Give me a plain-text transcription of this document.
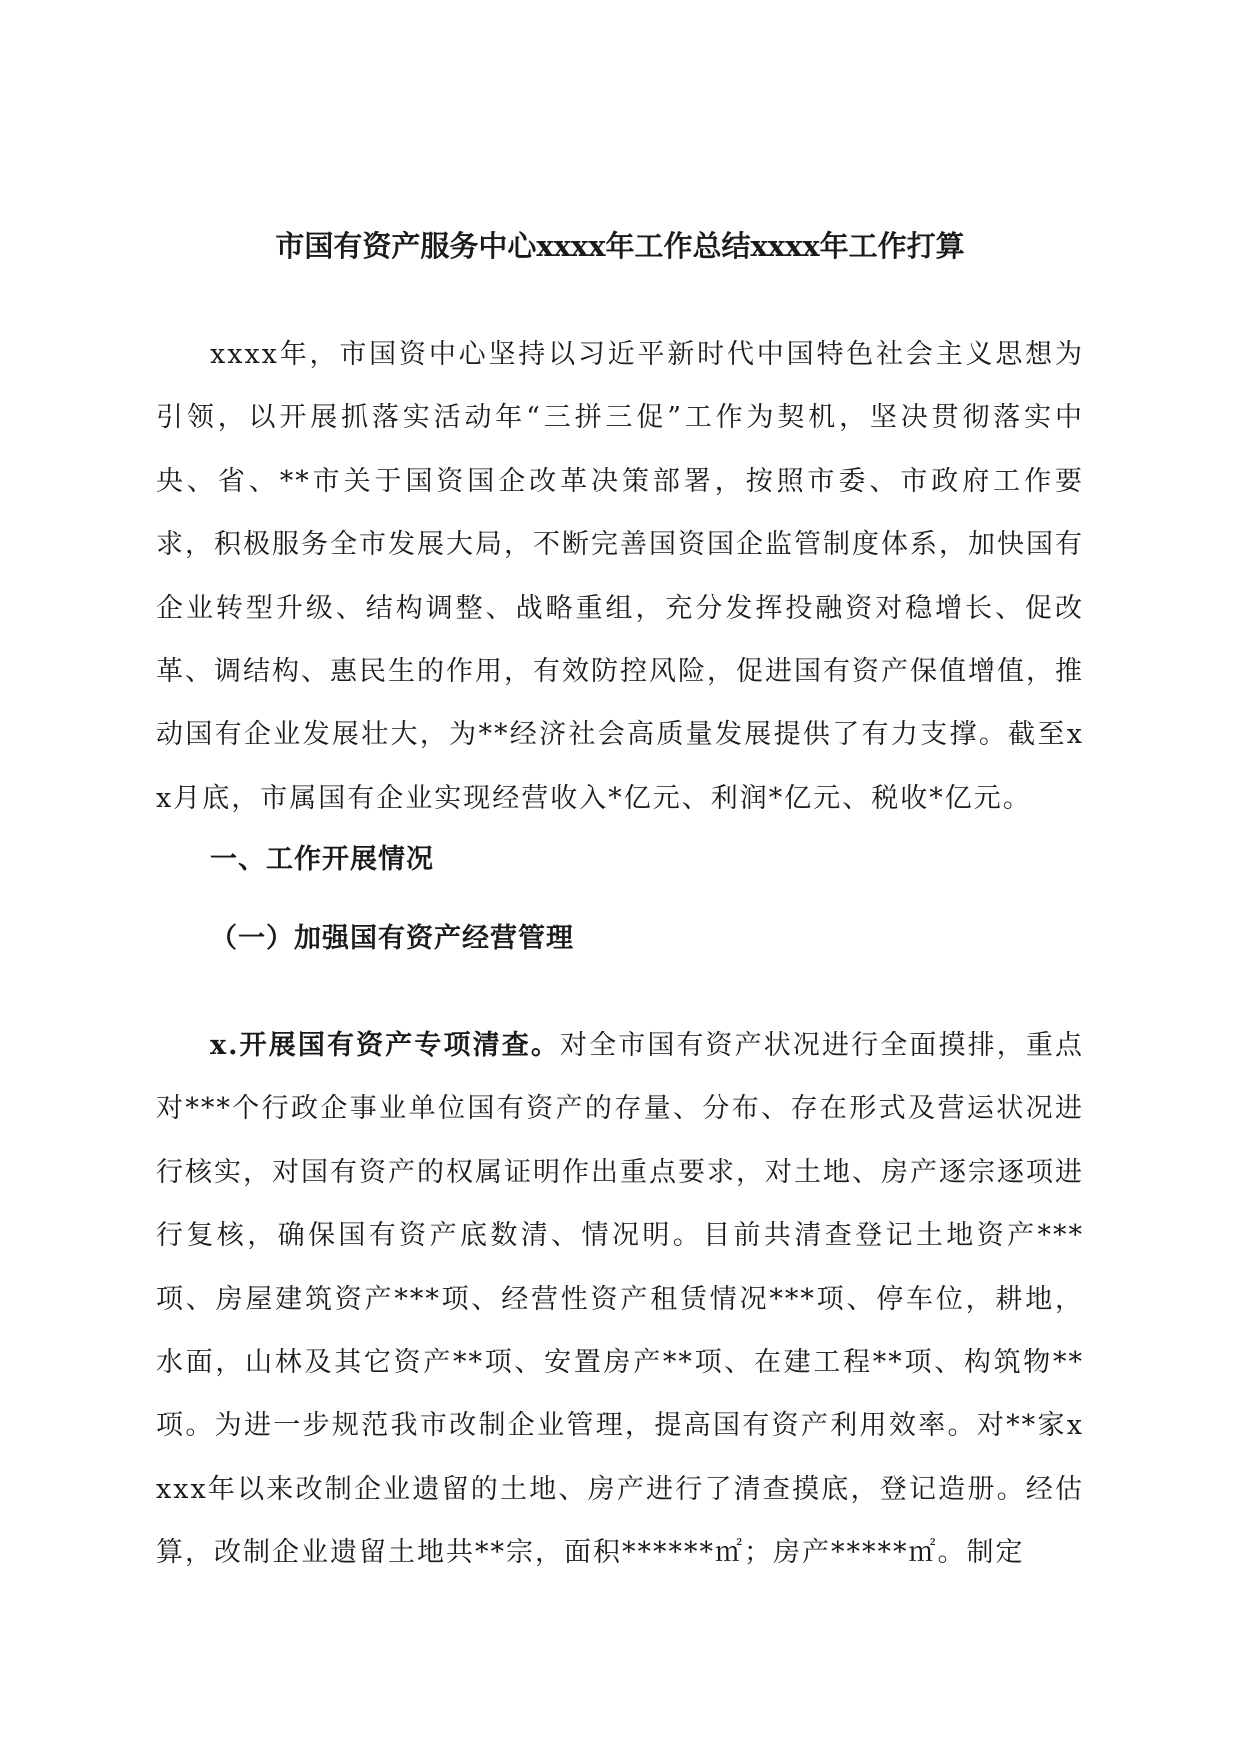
市国有资产服务中心xxxx年工作总结xxxx年工作打算

xxxx年，市国资中心坚持以习近平新时代中国特色社会主义思想为引领，以开展抓落实活动年“三拼三促”工作为契机，坚决贯彻落实中央、省、**市关于国资国企改革决策部署，按照市委、市政府工作要求，积极服务全市发展大局，不断完善国资国企监管制度体系，加快国有企业转型升级、结构调整、战略重组，充分发挥投融资对稳增长、促改革、调结构、惠民生的作用，有效防控风险，促进国有资产保值增值，推动国有企业发展壮大，为**经济社会高质量发展提供了有力支撑。截至xx月底，市属国有企业实现经营收入*亿元、利润*亿元、税收*亿元。

一、工作开展情况
（一）加强国有资产经营管理

x.开展国有资产专项清查。对全市国有资产状况进行全面摸排，重点对***个行政企事业单位国有资产的存量、分布、存在形式及营运状况进行核实，对国有资产的权属证明作出重点要求，对土地、房产逐宗逐项进行复核，确保国有资产底数清、情况明。目前共清查登记土地资产***项、房屋建筑资产***项、经营性资产租赁情况***项、停车位，耕地，水面，山林及其它资产**项、安置房产**项、在建工程**项、构筑物**项。为进一步规范我市改制企业管理，提高国有资产利用效率。对**家xxxx年以来改制企业遗留的土地、房产进行了清查摸底，登记造册。经估算，改制企业遗留土地共**宗，面积******㎡；房产*****㎡。制定
